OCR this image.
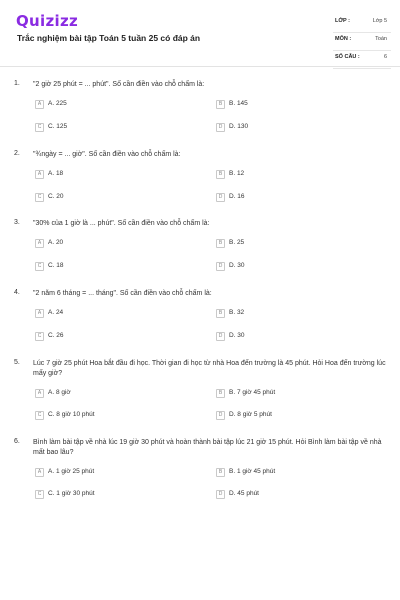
Quizizz
Trắc nghiệm bài tập Toán 5 tuần 25 có đáp án
LỚP :	Lớp 5
MÔN :	Toán
SỐ CÂU :	6
1. "2 giờ 25 phút = ... phút". Số cần điền vào chỗ chấm là:
A	A. 225	B	B. 145
C	C. 125	D	D. 130
2. "¾ngày = ... giờ". Số cần điền vào chỗ chấm là:
A	A. 18	B	B. 12
C	C. 20	D	D. 16
3. "30% của 1 giờ là ... phút". Số cần điền vào chỗ chấm là:
A	A. 20	B	B. 25
C	C. 18	D	D. 30
4. "2 năm 6 tháng = ... tháng". Số cần điền vào chỗ chấm là:
A	A. 24	B	B. 32
C	C. 26	D	D. 30
5. Lúc 7 giờ 25 phút Hoa bắt đầu đi học. Thời gian đi học từ nhà Hoa đến trường là 45 phút. Hỏi Hoa đến trường lúc mấy giờ?
A	A. 8 giờ	B	B. 7 giờ 45 phút
C	C. 8 giờ 10 phút	D	D. 8 giờ 5 phút
6. Bình làm bài tập về nhà lúc 19 giờ 30 phút và hoàn thành bài tập lúc 21 giờ 15 phút. Hỏi Bình làm bài tập về nhà mất bao lâu?
A	A. 1 giờ 25 phút	B	B. 1 giờ 45 phút
C	C. 1 giờ 30 phút	D	D. 45 phút
